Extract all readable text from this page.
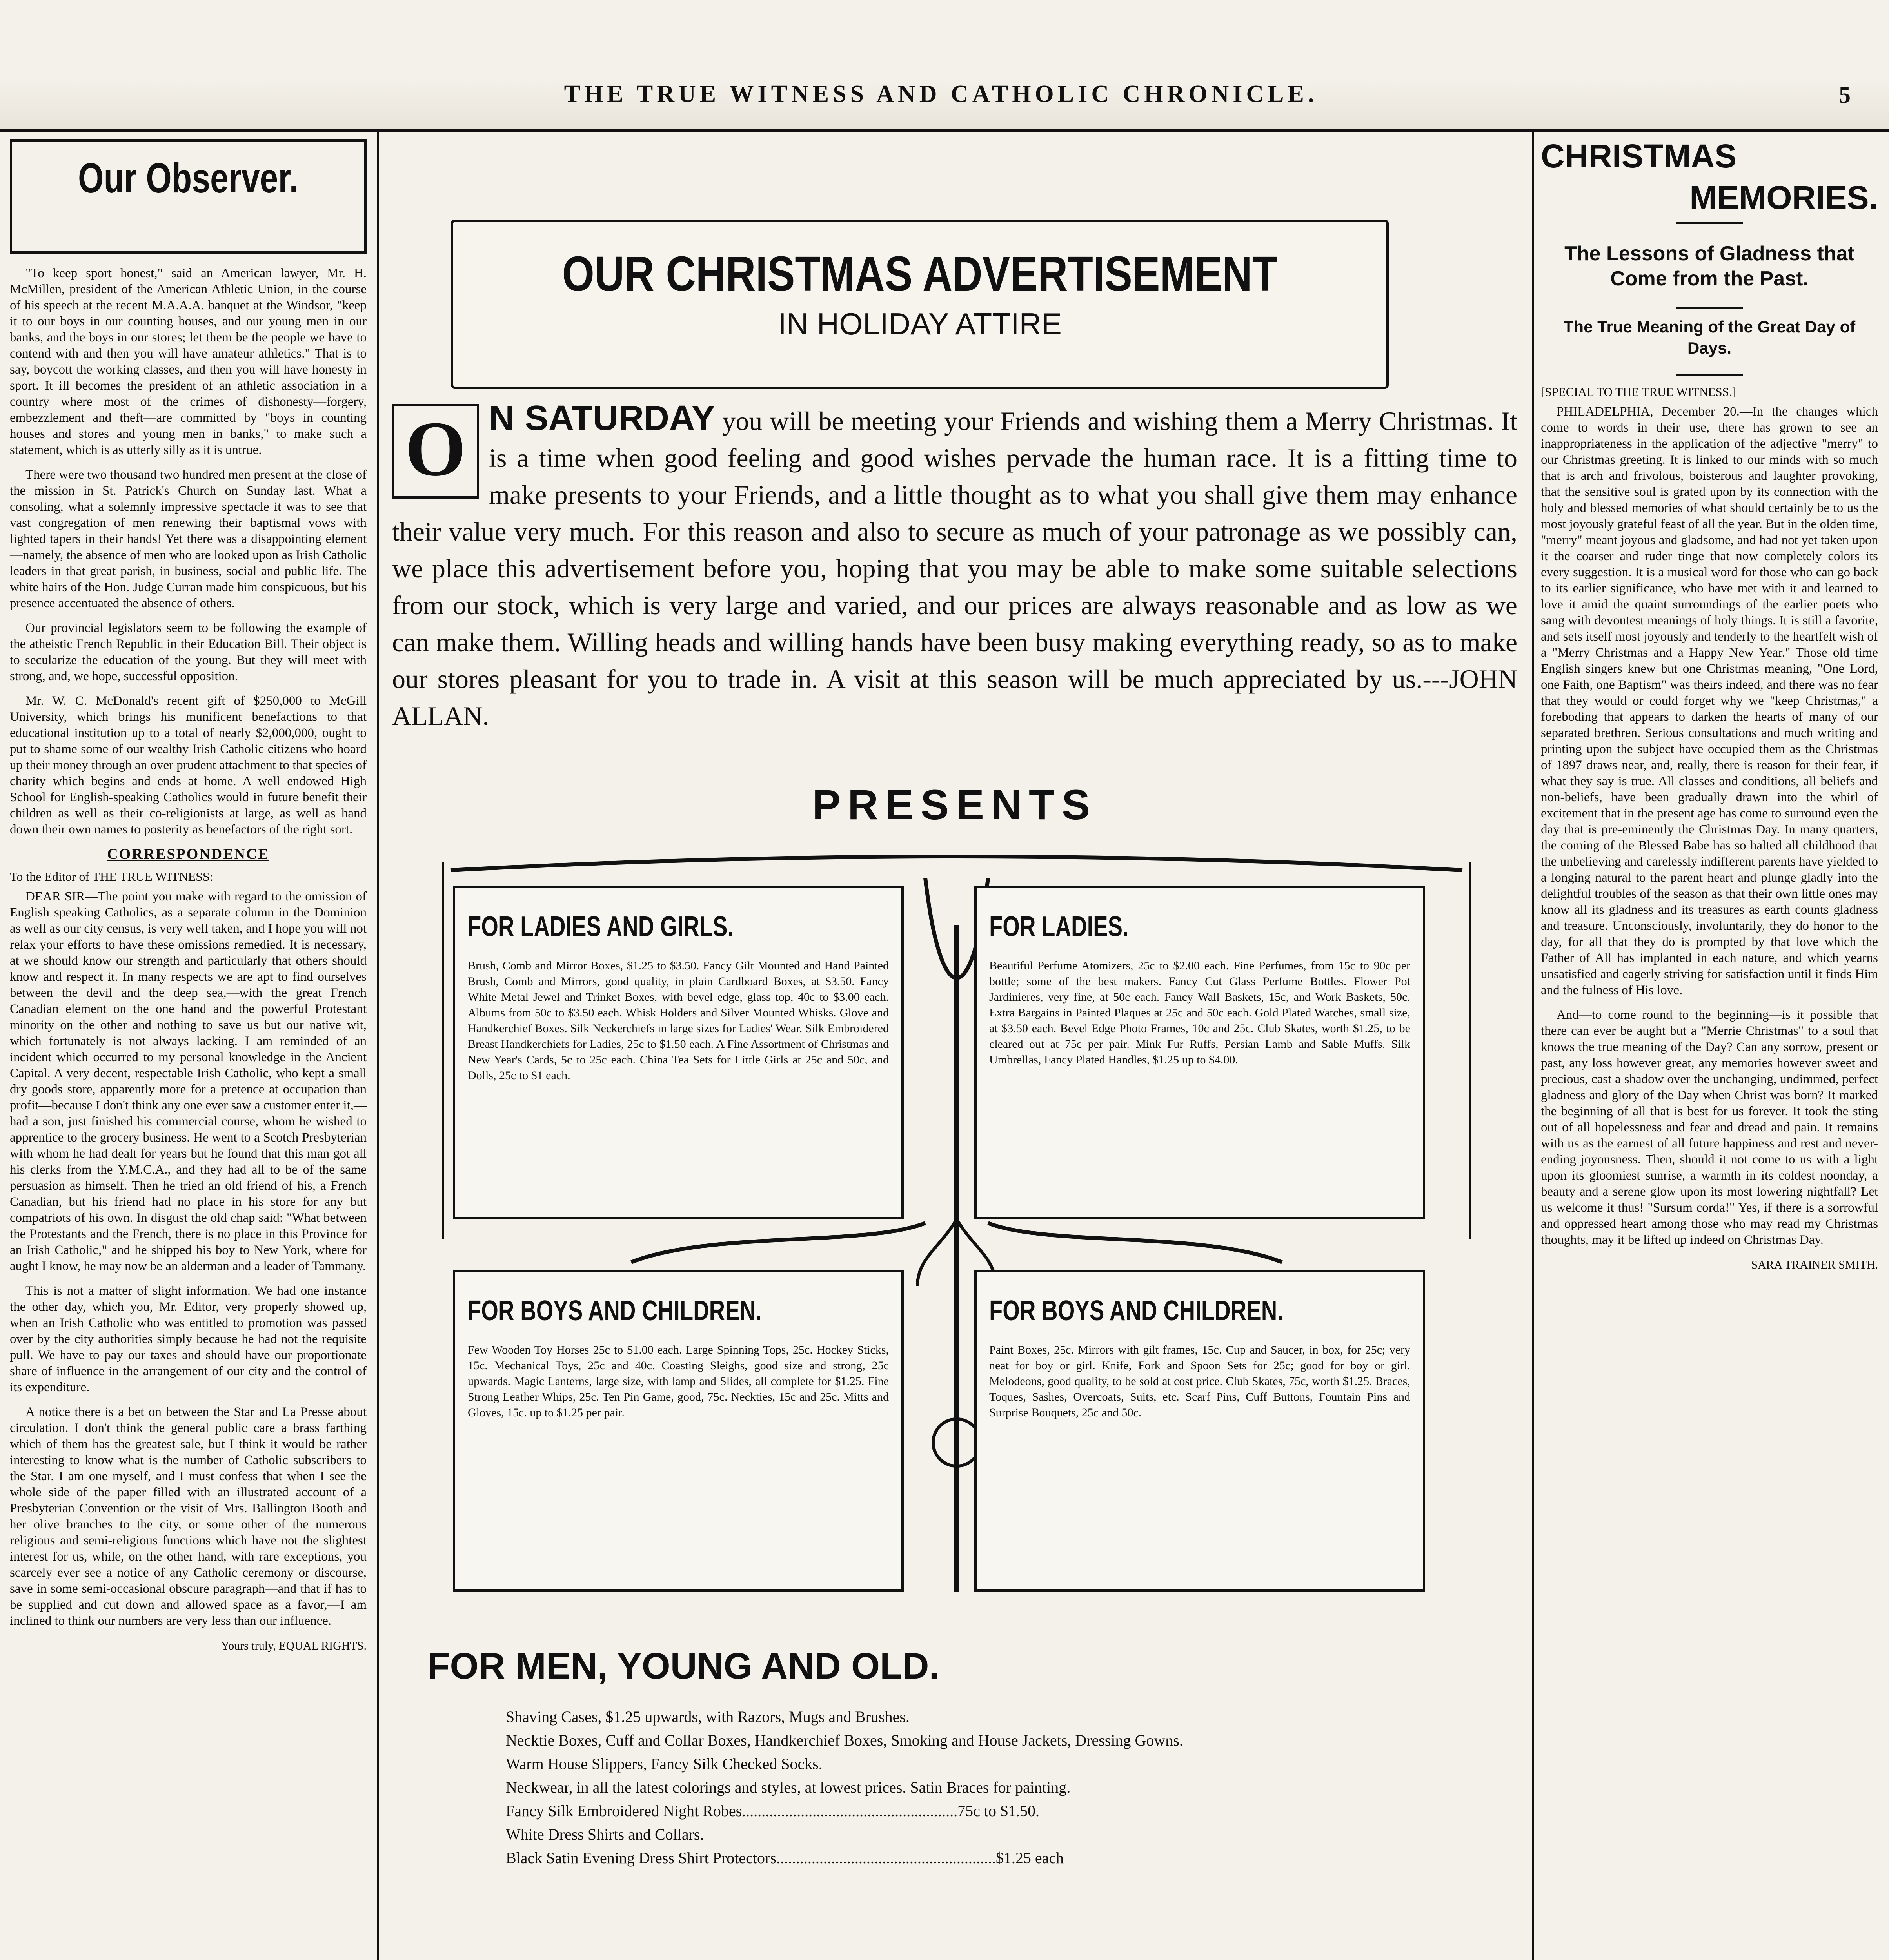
THE TRUE WITNESS AND CATHOLIC CHRONICLE.	5
Our Observer.

"To keep sport honest," said an American lawyer, Mr. H. McMillen, president of the American Athletic Union, in the course of his speech at the recent M.A.A.A. banquet at the Windsor, "keep it to our boys in our counting houses, and our young men in our banks, and the boys in our stores; let them be the people we have to contend with and then you will have amateur athletics." That is to say, boycott the working classes, and then you will have honesty in sport. It ill becomes the president of an athletic association in a country where most of the crimes of dishonesty—forgery, embezzlement and theft—are committed by "boys in counting houses and stores and young men in banks," to make such a statement, which is as utterly silly as it is untrue.

There were two thousand two hundred men present at the close of the mission in St. Patrick's Church on Sunday last. What a consoling, what a solemnly impressive spectacle it was to see that vast congregation of men renewing their baptismal vows with lighted tapers in their hands! Yet there was a disappointing element—namely, the absence of men who are looked upon as Irish Catholic leaders in that great parish, in business, social and public life. The white hairs of the Hon. Judge Curran made him conspicuous, but his presence accentuated the absence of others.

Our provincial legislators seem to be following the example of the atheistic French Republic in their Education Bill. Their object is to secularize the education of the young. But they will meet with strong, and, we hope, successful opposition.

Mr. W. C. McDonald's recent gift of $250,000 to McGill University, which brings his munificent benefactions to that educational institution up to a total of nearly $2,000,000, ought to put to shame some of our wealthy Irish Catholic citizens who hoard up their money through an over prudent attachment to that species of charity which begins and ends at home. A well endowed High School for English-speaking Catholics would in future benefit their children as well as their co-religionists at large, as well as hand down their own names to posterity as benefactors of the right sort.

CORRESPONDENCE
To the Editor of THE TRUE WITNESS:

DEAR SIR—The point you make with regard to the omission of English speaking Catholics, as a separate column in the Dominion as well as our city census, is very well taken, and I hope you will not relax your efforts to have these omissions remedied. It is necessary, at we should know our strength and particularly that others should know and respect it. In many respects we are apt to find ourselves between the devil and the deep sea,—with the great French Canadian element on the one hand and the powerful Protestant minority on the other and nothing to save us but our native wit, which fortunately is not always lacking. I am reminded of an incident which occurred to my personal knowledge in the Ancient Capital. A very decent, respectable Irish Catholic, who kept a small dry goods store, apparently more for a pretence at occupation than profit—because I don't think any one ever saw a customer enter it,—had a son, just finished his commercial course, whom he wished to apprentice to the grocery business. He went to a Scotch Presbyterian with whom he had dealt for years but he found that this man got all his clerks from the Y.M.C.A., and they had all to be of the same persuasion as himself. Then he tried an old friend of his, a French Canadian, but his friend had no place in his store for any but compatriots of his own. In disgust the old chap said: "What between the Protestants and the French, there is no place in this Province for an Irish Catholic," and he shipped his boy to New York, where for aught I know, he may now be an alderman and a leader of Tammany.

This is not a matter of slight information. We had one instance the other day, which you, Mr. Editor, very properly showed up, when an Irish Catholic who was entitled to promotion was passed over by the city authorities simply because he had not the requisite pull. We have to pay our taxes and should have our proportionate share of influence in the arrangement of our city and the control of its expenditure.

A notice there is a bet on between the Star and La Presse about circulation. I don't think the general public care a brass farthing which of them has the greatest sale, but I think it would be rather interesting to know what is the number of Catholic subscribers to the Star. I am one myself, and I must confess that when I see the whole side of the paper filled with an illustrated account of a Presbyterian Convention or the visit of Mrs. Ballington Booth and her olive branches to the city, or some other of the numerous religious and semi-religious functions which have not the slightest interest for us, while, on the other hand, with rare exceptions, you scarcely ever see a notice of any Catholic ceremony or discourse, save in some semi-occasional obscure paragraph—and that if has to be supplied and cut down and allowed space as a favor,—I am inclined to think our numbers are very less than our influence.

Yours truly, EQUAL RIGHTS.
OUR CHRISTMAS ADVERTISEMENT
IN HOLIDAY ATTIRE
O N SATURDAY you will be meeting your Friends and wishing them a Merry Christmas. It is a time when good feeling and good wishes pervade the human race. It is a fitting time to make presents to your Friends, and a little thought as to what you shall give them may enhance their value very much. For this reason and also to secure as much of your patronage as we possibly can, we place this advertisement before you, hoping that you may be able to make some suitable selections from our stock, which is very large and varied, and our prices are always reasonable and as low as we can make them. Willing heads and willing hands have been busy making everything ready, so as to make our stores pleasant for you to trade in. A visit at this season will be much appreciated by us.---JOHN ALLAN.
PRESENTS
FOR LADIES AND GIRLS.
Brush, Comb and Mirror Boxes, $1.25 to $3.50. Fancy Gilt Mounted and Hand Painted Brush, Comb and Mirrors, good quality, in plain Cardboard Boxes, at $3.50. Fancy White Metal Jewel and Trinket Boxes, with bevel edge, glass top, 40c to $3.00 each. Albums from 50c to $3.50 each. Whisk Holders and Silver Mounted Whisks. Glove and Handkerchief Boxes. Silk Neckerchiefs in large sizes for Ladies' Wear. Silk Embroidered Breast Handkerchiefs for Ladies, 25c to $1.50 each. A Fine Assortment of Christmas and New Year's Cards, 5c to 25c each. China Tea Sets for Little Girls at 25c and 50c, and Dolls, 25c to $1 each.
FOR LADIES.
Beautiful Perfume Atomizers, 25c to $2.00 each. Fine Perfumes, from 15c to 90c per bottle; some of the best makers. Fancy Cut Glass Perfume Bottles. Flower Pot Jardinieres, very fine, at 50c each. Fancy Wall Baskets, 15c, and Work Baskets, 50c. Extra Bargains in Painted Plaques at 25c and 50c each. Gold Plated Watches, small size, at $3.50 each. Bevel Edge Photo Frames, 10c and 25c. Club Skates, worth $1.25, to be cleared out at 75c per pair. Mink Fur Ruffs, Persian Lamb and Sable Muffs. Silk Umbrellas, Fancy Plated Handles, $1.25 up to $4.00.
FOR BOYS AND CHILDREN.
Few Wooden Toy Horses 25c to $1.00 each. Large Spinning Tops, 25c. Hockey Sticks, 15c. Mechanical Toys, 25c and 40c. Coasting Sleighs, good size and strong, 25c upwards. Magic Lanterns, large size, with lamp and Slides, all complete for $1.25. Fine Strong Leather Whips, 25c. Ten Pin Game, good, 75c. Neckties, 15c and 25c. Mitts and Gloves, 15c. up to $1.25 per pair.
FOR BOYS AND CHILDREN.
Paint Boxes, 25c. Mirrors with gilt frames, 15c. Cup and Saucer, in box, for 25c; very neat for boy or girl. Knife, Fork and Spoon Sets for 25c; good for boy or girl. Melodeons, good quality, to be sold at cost price. Club Skates, 75c, worth $1.25. Braces, Toques, Sashes, Overcoats, Suits, etc. Scarf Pins, Cuff Buttons, Fountain Pins and Surprise Bouquets, 25c and 50c.
FOR MEN, YOUNG AND OLD.
Shaving Cases, $1.25 upwards, with Razors, Mugs and Brushes.
Necktie Boxes, Cuff and Collar Boxes, Handkerchief Boxes, Smoking and House Jackets, Dressing Gowns.
Warm House Slippers, Fancy Silk Checked Socks.
Neckwear, in all the latest colorings and styles, at lowest prices. Satin Braces for painting.
Fancy Silk Embroidered Night Robes.......................................................75c to $1.50.
White Dress Shirts and Collars.
Black Satin Evening Dress Shirt Protectors........................................................$1.25 each
CHRISTMAS
MEMORIES.
The Lessons of Gladness that Come from the Past.
The True Meaning of the Great Day of Days.
[SPECIAL TO THE TRUE WITNESS.]

PHILADELPHIA, December 20.—In the changes which come to words in their use, there has grown to see an inappropriateness in the application of the adjective "merry" to our Christmas greeting. It is linked to our minds with so much that is arch and frivolous, boisterous and laughter provoking, that the sensitive soul is grated upon by its connection with the holy and blessed memories of what should certainly be to us the most joyously grateful feast of all the year. But in the olden time, "merry" meant joyous and gladsome, and had not yet taken upon it the coarser and ruder tinge that now completely colors its every suggestion. It is a musical word for those who can go back to its earlier significance, who have met with it and learned to love it amid the quaint surroundings of the earlier poets who sang with devoutest meanings of holy things. It is still a favorite, and sets itself most joyously and tenderly to the heartfelt wish of a "Merry Christmas and a Happy New Year." Those old time English singers knew but one Christmas meaning, "One Lord, one Faith, one Baptism" was theirs indeed, and there was no fear that they would or could forget why we "keep Christmas," a foreboding that appears to darken the hearts of many of our separated brethren. Serious consultations and much writing and printing upon the subject have occupied them as the Christmas of 1897 draws near, and, really, there is reason for their fear, if what they say is true. All classes and conditions, all beliefs and non-beliefs, have been gradually drawn into the whirl of excitement that in the present age has come to surround even the day that is pre-eminently the Christmas Day. In many quarters, the coming of the Blessed Babe has so halted all childhood that the unbelieving and carelessly indifferent parents have yielded to a longing natural to the parent heart and plunge gladly into the delightful troubles of the season as that their own little ones may know all its gladness and its treasures as earth counts gladness and treasure. Unconsciously, involuntarily, they do honor to the day, for all that they do is prompted by that love which the Father of All has implanted in each nature, and which yearns unsatisfied and eagerly striving for satisfaction until it finds Him and the fulness of His love.

And—to come round to the beginning—is it possible that there can ever be aught but a "Merrie Christmas" to a soul that knows the true meaning of the Day? Can any sorrow, present or past, any loss however great, any memories however sweet and precious, cast a shadow over the unchanging, undimmed, perfect gladness and glory of the Day when Christ was born? It marked the beginning of all that is best for us forever. It took the sting out of all hopelessness and fear and dread and pain. It remains with us as the earnest of all future happiness and rest and never-ending joyousness. Then, should it not come to us with a light upon its gloomiest sunrise, a warmth in its coldest noonday, a beauty and a serene glow upon its most lowering nightfall? Let us welcome it thus! "Sursum corda!" Yes, if there is a sorrowful and oppressed heart among those who may read my Christmas thoughts, may it be lifted up indeed on Christmas Day.

SARA TRAINER SMITH.
